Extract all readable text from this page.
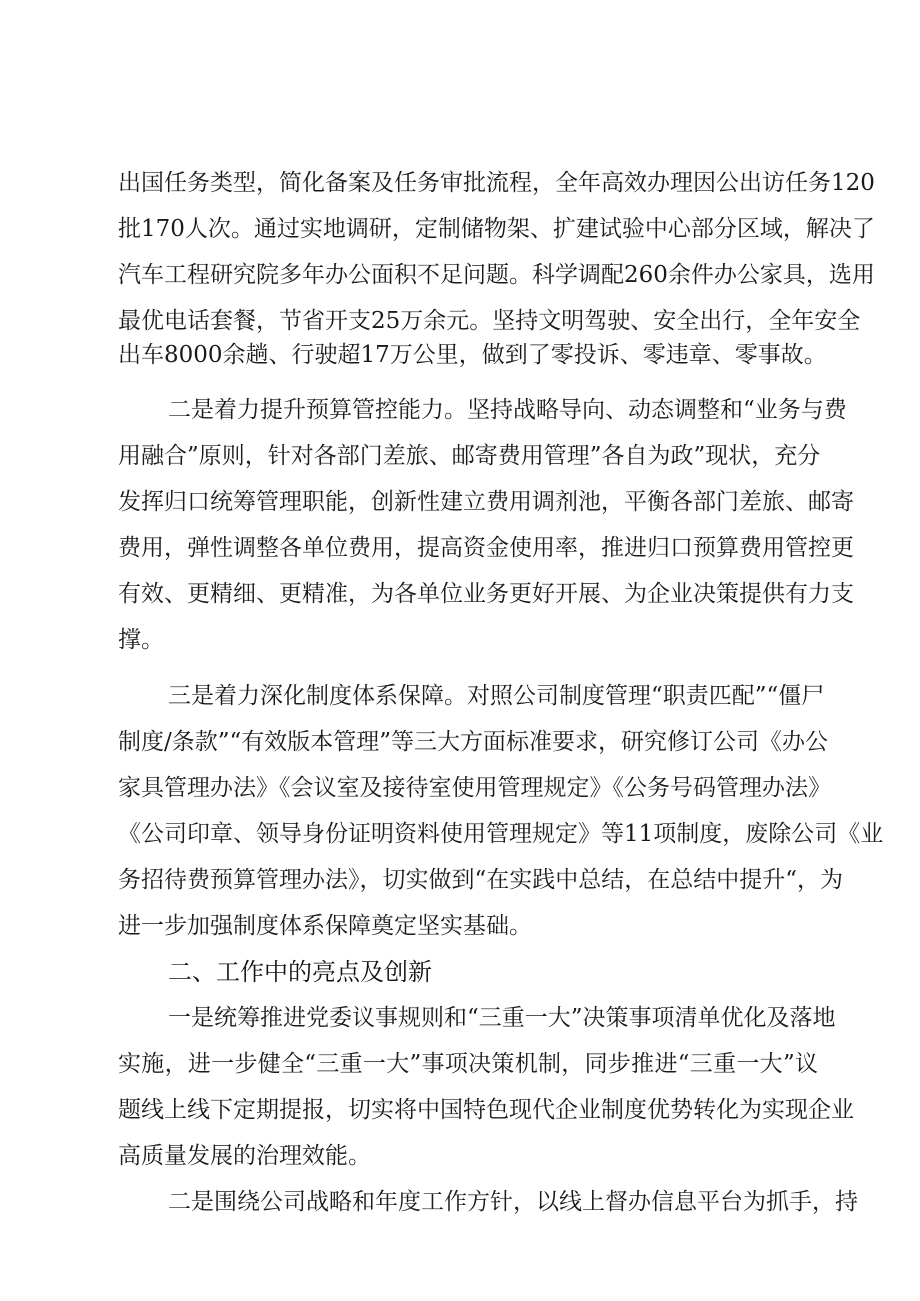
出国任务类型，简化备案及任务审批流程，全年高效办理因公出访任务120
批170人次。通过实地调研，定制储物架、扩建试验中心部分区域，解决了
汽车工程研究院多年办公面积不足问题。科学调配260余件办公家具，选用
最优电话套餐，节省开支25万余元。坚持文明驾驶、安全出行，全年安全
出车8000余趟、行驶超17万公里，做到了零投诉、零违章、零事故。
二是着力提升预算管控能力。坚持战略导向、动态调整和“业务与费
用融合”原则，针对各部门差旅、邮寄费用管理”各自为政”现状，充分
发挥归口统筹管理职能，创新性建立费用调剂池，平衡各部门差旅、邮寄
费用，弹性调整各单位费用，提高资金使用率，推进归口预算费用管控更
有效、更精细、更精准，为各单位业务更好开展、为企业决策提供有力支
撑。
三是着力深化制度体系保障。对照公司制度管理“职责匹配”“僵尸
制度/条款”“有效版本管理”等三大方面标准要求，研究修订公司《办公
家具管理办法》《会议室及接待室使用管理规定》《公务号码管理办法》
《公司印章、领导身份证明资料使用管理规定》等11项制度，废除公司《业
务招待费预算管理办法》，切实做到“在实践中总结，在总结中提升“，为
进一步加强制度体系保障奠定坚实基础。
二、工作中的亮点及创新
一是统筹推进党委议事规则和“三重一大”决策事项清单优化及落地
实施，进一步健全“三重一大”事项决策机制，同步推进“三重一大”议
题线上线下定期提报，切实将中国特色现代企业制度优势转化为实现企业
高质量发展的治理效能。
二是围绕公司战略和年度工作方针，以线上督办信息平台为抓手，持
